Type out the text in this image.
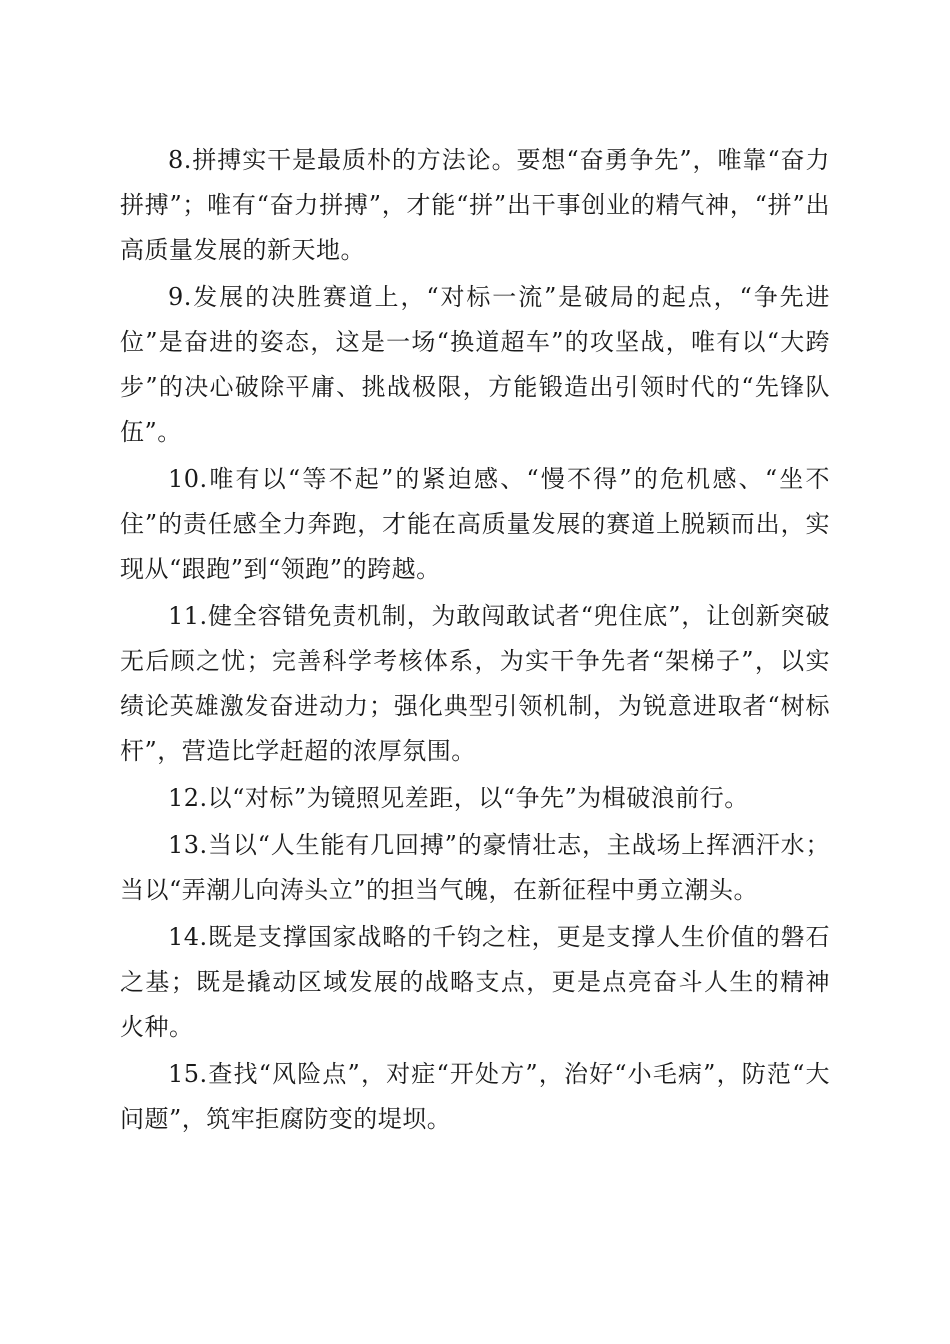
8.拼搏实干是最质朴的方法论。要想“奋勇争先”，唯靠“奋力拼搏”；唯有“奋力拼搏”，才能“拼”出干事创业的精气神，“拼”出高质量发展的新天地。

9.发展的决胜赛道上，“对标一流”是破局的起点，“争先进位”是奋进的姿态，这是一场“换道超车”的攻坚战，唯有以“大跨步”的决心破除平庸、挑战极限，方能锻造出引领时代的“先锋队伍”。

10.唯有以“等不起”的紧迫感、“慢不得”的危机感、“坐不住”的责任感全力奔跑，才能在高质量发展的赛道上脱颖而出，实现从“跟跑”到“领跑”的跨越。

11.健全容错免责机制，为敢闯敢试者“兜住底”，让创新突破无后顾之忧；完善科学考核体系，为实干争先者“架梯子”，以实绩论英雄激发奋进动力；强化典型引领机制，为锐意进取者“树标杆”，营造比学赶超的浓厚氛围。

12.以“对标”为镜照见差距，以“争先”为楫破浪前行。

13.当以“人生能有几回搏”的豪情壮志，主战场上挥洒汗水；当以“弄潮儿向涛头立”的担当气魄，在新征程中勇立潮头。

14.既是支撑国家战略的千钧之柱，更是支撑人生价值的磐石之基；既是撬动区域发展的战略支点，更是点亮奋斗人生的精神火种。

15.查找“风险点”，对症“开处方”，治好“小毛病”，防范“大问题”，筑牢拒腐防变的堤坝。
